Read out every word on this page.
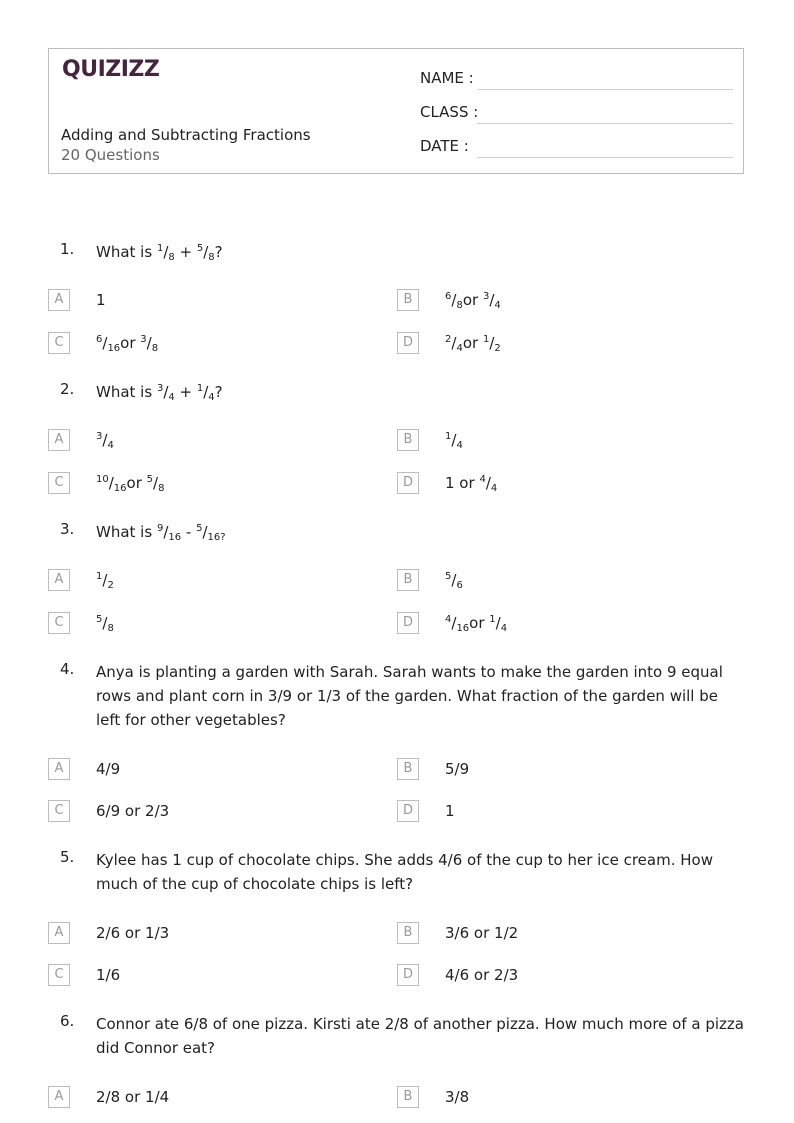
QUIZIZZ
Adding and Subtracting Fractions
20 Questions
NAME :
CLASS :
DATE :
1. What is $^1/_8 + ^5/_8$?
A	1	B	$^6/_8or$ $^3/_4$
C	$^6/_{16}or$ $^3/_8$	D	$^2/_4or$ $^1/_2$
2. What is $^3/_4 + ^1/_4$?
A	$^3/_4$	B	$^1/_4$
C	$^{10}/_{16}or$ $^5/_8$	D	1 or $^4/_4$
3. What is $^9/_{16} - ^5/_{16?}$
A	$^1/_2$	B	$^5/_6$
C	$^5/_8$	D	$^4/_{16}or$ $^1/_4$
4. Anya is planting a garden with Sarah. Sarah wants to make the garden into 9 equal rows and plant corn in 3/9 or 1/3 of the garden. What fraction of the garden will be left for other vegetables?
A	4/9	B	5/9
C	6/9 or 2/3	D	1
5. Kylee has 1 cup of chocolate chips. She adds 4/6 of the cup to her ice cream. How much of the cup of chocolate chips is left?
A	2/6 or 1/3	B	3/6 or 1/2
C	1/6	D	4/6 or 2/3
6. Connor ate 6/8 of one pizza. Kirsti ate 2/8 of another pizza. How much more of a pizza did Connor eat?
A	2/8 or 1/4	B	3/8
